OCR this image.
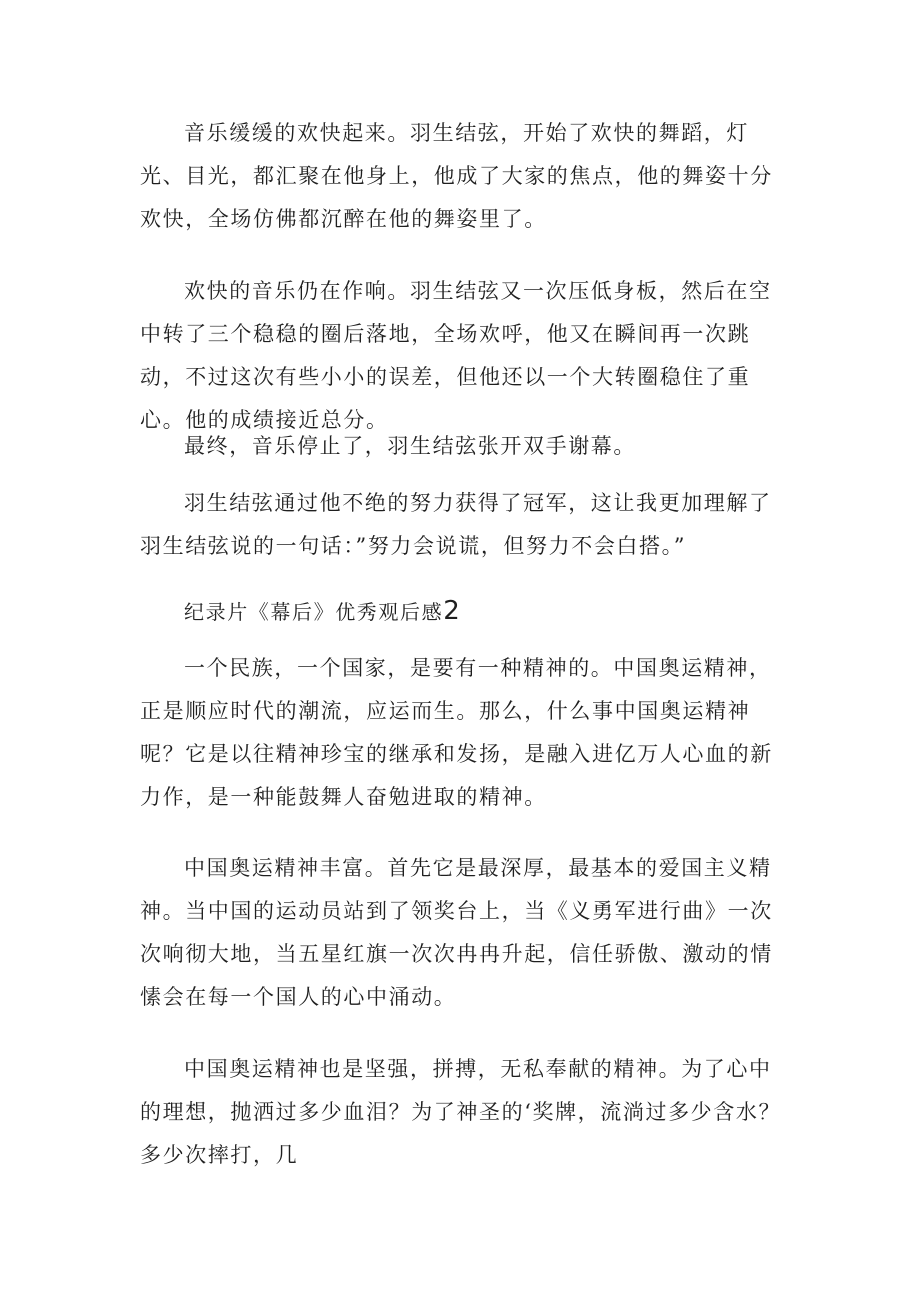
音乐缓缓的欢快起来。羽生结弦，开始了欢快的舞蹈，灯光、目光，都汇聚在他身上，他成了大家的焦点，他的舞姿十分欢快，全场仿佛都沉醉在他的舞姿里了。

欢快的音乐仍在作响。羽生结弦又一次压低身板，然后在空中转了三个稳稳的圈后落地，全场欢呼，他又在瞬间再一次跳动，不过这次有些小小的误差，但他还以一个大转圈稳住了重心。他的成绩接近总分。

最终，音乐停止了，羽生结弦张开双手谢幕。

羽生结弦通过他不绝的努力获得了冠军，这让我更加理解了羽生结弦说的一句话：”努力会说谎，但努力不会白搭。”

纪录片《幕后》优秀观后感2

一个民族，一个国家，是要有一种精神的。中国奥运精神，正是顺应时代的潮流，应运而生。那么，什么事中国奥运精神呢？它是以往精神珍宝的继承和发扬，是融入进亿万人心血的新力作，是一种能鼓舞人奋勉进取的精神。

中国奥运精神丰富。首先它是最深厚，最基本的爱国主义精神。当中国的运动员站到了领奖台上，当《义勇军进行曲》一次次响彻大地，当五星红旗一次次冉冉升起，信任骄傲、激动的情愫会在每一个国人的心中涌动。

中国奥运精神也是坚强，拼搏，无私奉献的精神。为了心中的理想，抛洒过多少血泪？为了神圣的‘奖牌，流淌过多少含水？多少次摔打，几
